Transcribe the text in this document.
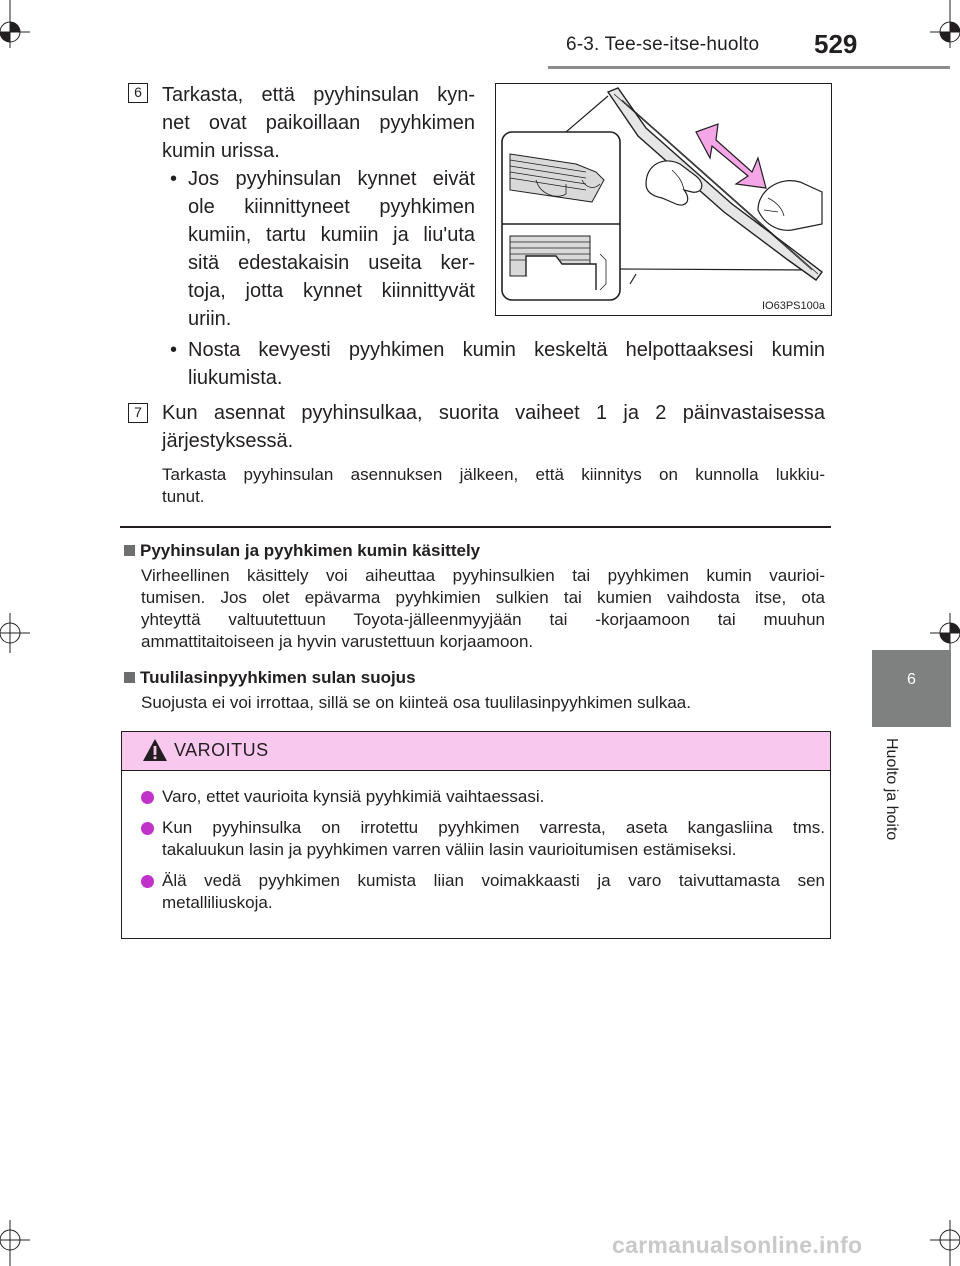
6-3. Tee-se-itse-huolto 529
6
Huolto ja hoito
6	Tarkasta, että pyyhinsulan kyn-
net ovat paikoillaan pyyhkimen
kumin urissa.
• Jos pyyhinsulan kynnet eivät
ole kiinnittyneet pyyhkimen
kumiin, tartu kumiin ja liu'uta
sitä edestakaisin useita ker-
toja, jotta kynnet kiinnittyvät
uriin.
• Nosta kevyesti pyyhkimen kumin keskeltä helpottaaksesi kumin
liukumista.
IO63PS100a
7	Kun asennat pyyhinsulkaa, suorita vaiheet 1 ja 2 päinvastaisessa
järjestyksessä.
Tarkasta pyyhinsulan asennuksen jälkeen, että kiinnitys on kunnolla lukkiu-
tunut.
Pyyhinsulan ja pyyhkimen kumin käsittely
Virheellinen käsittely voi aiheuttaa pyyhinsulkien tai pyyhkimen kumin vaurioi-
tumisen. Jos olet epävarma pyyhkimien sulkien tai kumien vaihdosta itse, ota
yhteyttä valtuutettuun Toyota-jälleenmyyjään tai -korjaamoon tai muuhun
ammattitaitoiseen ja hyvin varustettuun korjaamoon.
Tuulilasinpyyhkimen sulan suojus
Suojusta ei voi irrottaa, sillä se on kiinteä osa tuulilasinpyyhkimen sulkaa.
VAROITUS
Varo, ettet vaurioita kynsiä pyyhkimiä vaihtaessasi.
Kun pyyhinsulka on irrotettu pyyhkimen varresta, aseta kangasliina tms.
takaluukun lasin ja pyyhkimen varren väliin lasin vaurioitumisen estämiseksi.
Älä vedä pyyhkimen kumista liian voimakkaasti ja varo taivuttamasta sen
metalliliuskoja.
carmanualsonline.info
